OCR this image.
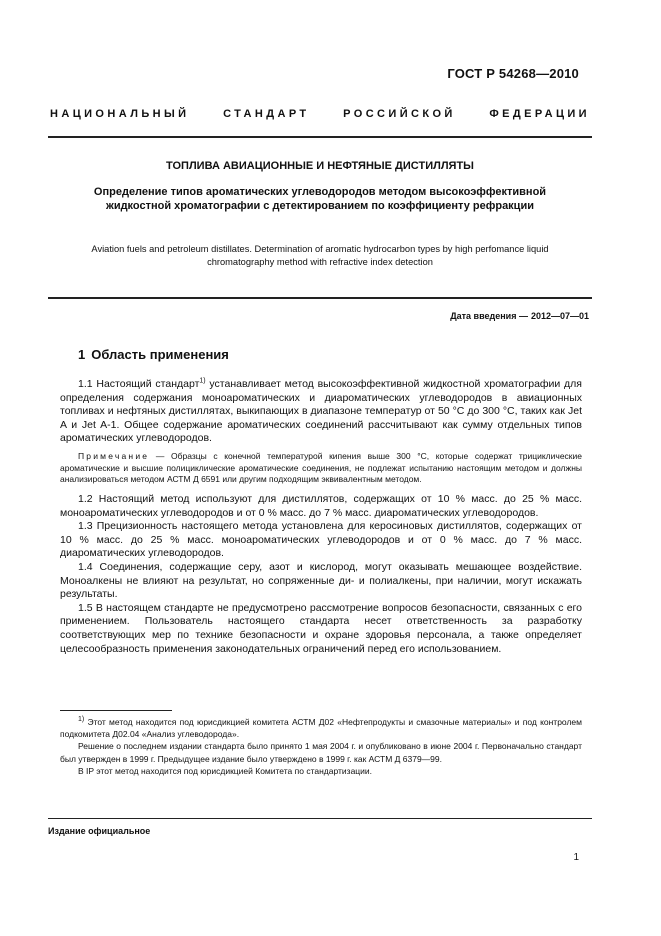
ГОСТ Р 54268—2010
НАЦИОНАЛЬНЫЙ СТАНДАРТ РОССИЙСКОЙ ФЕДЕРАЦИИ
ТОПЛИВА АВИАЦИОННЫЕ И НЕФТЯНЫЕ ДИСТИЛЛЯТЫ
Определение типов ароматических углеводородов методом высокоэффективной жидкостной хроматографии с детектированием по коэффициенту рефракции
Aviation fuels and petroleum distillates. Determination of aromatic hydrocarbon types by high perfomance liquid chromatography method with refractive index detection
Дата введения — 2012—07—01
1 Область применения

1.1 Настоящий стандарт$^{1)}$ устанавливает метод высокоэффективной жидкостной хроматографии для определения содержания моноароматических и диароматических углеводородов в авиационных топливах и нефтяных дистиллятах, выкипающих в диапазоне температур от 50 °С до 300 °С, таких как Jet A и Jet A-1. Общее содержание ароматических соединений рассчитывают как сумму отдельных типов ароматических углеводородов.

Примечание — Образцы с конечной температурой кипения выше 300 °С, которые содержат трициклические ароматические и высшие полициклические ароматические соединения, не подлежат испытанию настоящим методом и должны анализироваться методом АСТМ Д 6591 или другим подходящим эквивалентным методом.

1.2 Настоящий метод используют для дистиллятов, содержащих от 10 % масс. до 25 % масс. моноароматических углеводородов и от 0 % масс. до 7 % масс. диароматических углеводородов.

1.3 Прецизионность настоящего метода установлена для керосиновых дистиллятов, содержащих от 10 % масс. до 25 % масс. моноароматических углеводородов и от 0 % масс. до 7 % масс. диароматических углеводородов.

1.4 Соединения, содержащие серу, азот и кислород, могут оказывать мешающее воздействие. Моноалкены не влияют на результат, но сопряженные ди- и полиалкены, при наличии, могут искажать результаты.

1.5 В настоящем стандарте не предусмотрено рассмотрение вопросов безопасности, связанных с его применением. Пользователь настоящего стандарта несет ответственность за разработку соответствующих мер по технике безопасности и охране здоровья персонала, а также определяет целесообразность применения законодательных ограничений перед его использованием.

$^{1)}$ Этот метод находится под юрисдикцией комитета АСТМ Д02 «Нефтепродукты и смазочные материалы» и под контролем подкомитета Д02.04 «Анализ углеводорода».

Решение о последнем издании стандарта было принято 1 мая 2004 г. и опубликовано в июне 2004 г. Первоначально стандарт был утвержден в 1999 г. Предыдущее издание было утверждено в 1999 г. как АСТМ Д 6379—99.

В IP этот метод находится под юрисдикцией Комитета по стандартизации.

Издание официальное
1
